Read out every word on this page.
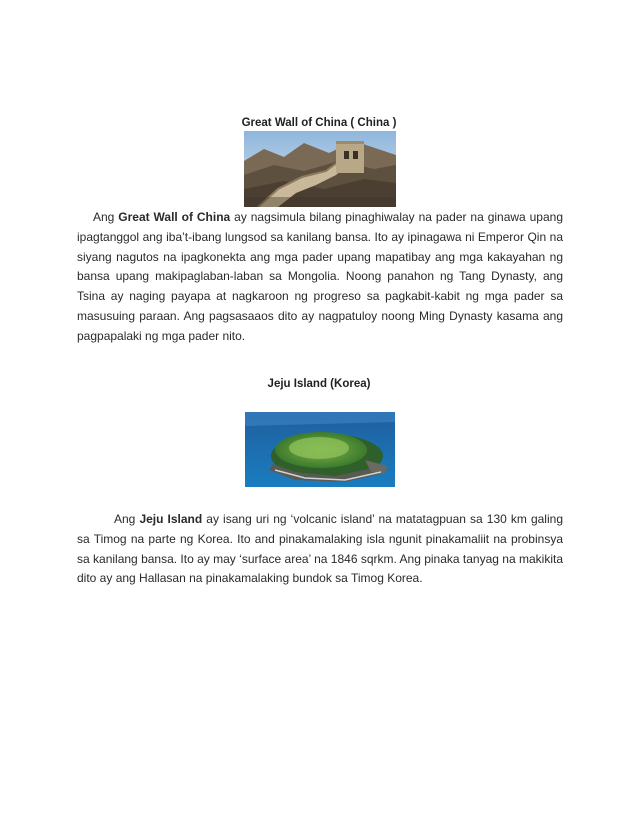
Great Wall of China ( China )
Ang Great Wall of China ay nagsimula bilang pinaghiwalay na pader na ginawa upang ipagtanggol ang iba’t-ibang lungsod sa kanilang bansa. Ito ay ipinagawa ni Emperor Qin na siyang nagutos na ipagkonekta ang mga pader upang mapatibay ang mga kakayahan ng bansa upang makipaglaban-laban sa Mongolia. Noong panahon ng Tang Dynasty, ang Tsina ay naging payapa at nagkaroon ng progreso sa pagkabit-kabit ng mga pader sa masusuing paraan. Ang pagsasaaos dito ay nagpatuloy noong Ming Dynasty kasama ang pagpapalaki ng mga pader nito.
Jeju Island (Korea)
Ang Jeju Island ay isang uri ng ‘volcanic island’ na matatagpuan sa 130 km galing sa Timog na parte ng Korea. Ito and pinakamalaking isla ngunit pinakamaliit na probinsya sa kanilang bansa. Ito ay may ‘surface area’ na 1846 sqrkm. Ang pinaka tanyag na makikita dito ay ang Hallasan na pinakamalaking bundok sa Timog Korea.
